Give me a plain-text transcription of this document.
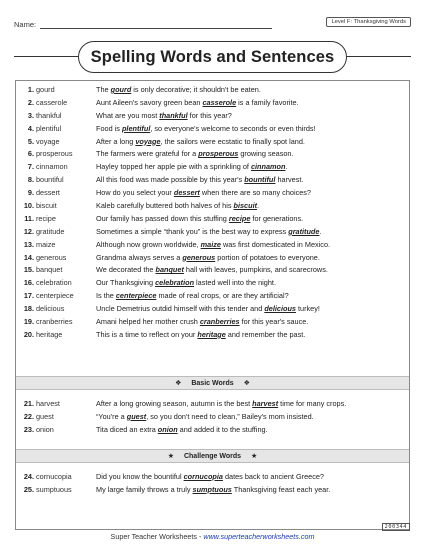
Name:	Level F: Thanksgiving Words
Spelling Words and Sentences
1. gourd	The gourd is only decorative; it shouldn't be eaten.
2. casserole	Aunt Aileen's savory green bean casserole is a family favorite.
3. thankful	What are you most thankful for this year?
4. plentiful	Food is plentiful, so everyone's welcome to seconds or even thirds!
5. voyage	After a long voyage, the sailors were ecstatic to finally spot land.
6. prosperous	The farmers were grateful for a prosperous growing season.
7. cinnamon	Hayley topped her apple pie with a sprinkling of cinnamon.
8. bountiful	All this food was made possible by this year's bountiful harvest.
9. dessert	How do you select your dessert when there are so many choices?
10. biscuit	Kaleb carefully buttered both halves of his biscuit.
11. recipe	Our family has passed down this stuffing recipe for generations.
12. gratitude	Sometimes a simple “thank you” is the best way to express gratitude.
13. maize	Although now grown worldwide, maize was first domesticated in Mexico.
14. generous	Grandma always serves a generous portion of potatoes to everyone.
15. banquet	We decorated the banquet hall with leaves, pumpkins, and scarecrows.
16. celebration	Our Thanksgiving celebration lasted well into the night.
17. centerpiece	Is the centerpiece made of real crops, or are they artificial?
18. delicious	Uncle Demetrius outdid himself with this tender and delicious turkey!
19. cranberries	Amani helped her mother crush cranberries for this year's sauce.
20. heritage	This is a time to reflect on your heritage and remember the past.
❖ Basic Words ❖
21. harvest	After a long growing season, autumn is the best harvest time for many crops.
22. guest	“You're a guest, so you don't need to clean,” Bailey's mom insisted.
23. onion	Tita diced an extra onion and added it to the stuffing.
★ Challenge Words ★
24. cornucopia	Did you know the bountiful cornucopia dates back to ancient Greece?
25. sumptuous	My large family throws a truly sumptuous Thanksgiving feast each year.
200344
Super Teacher Worksheets - www.superteacherworksheets.com
